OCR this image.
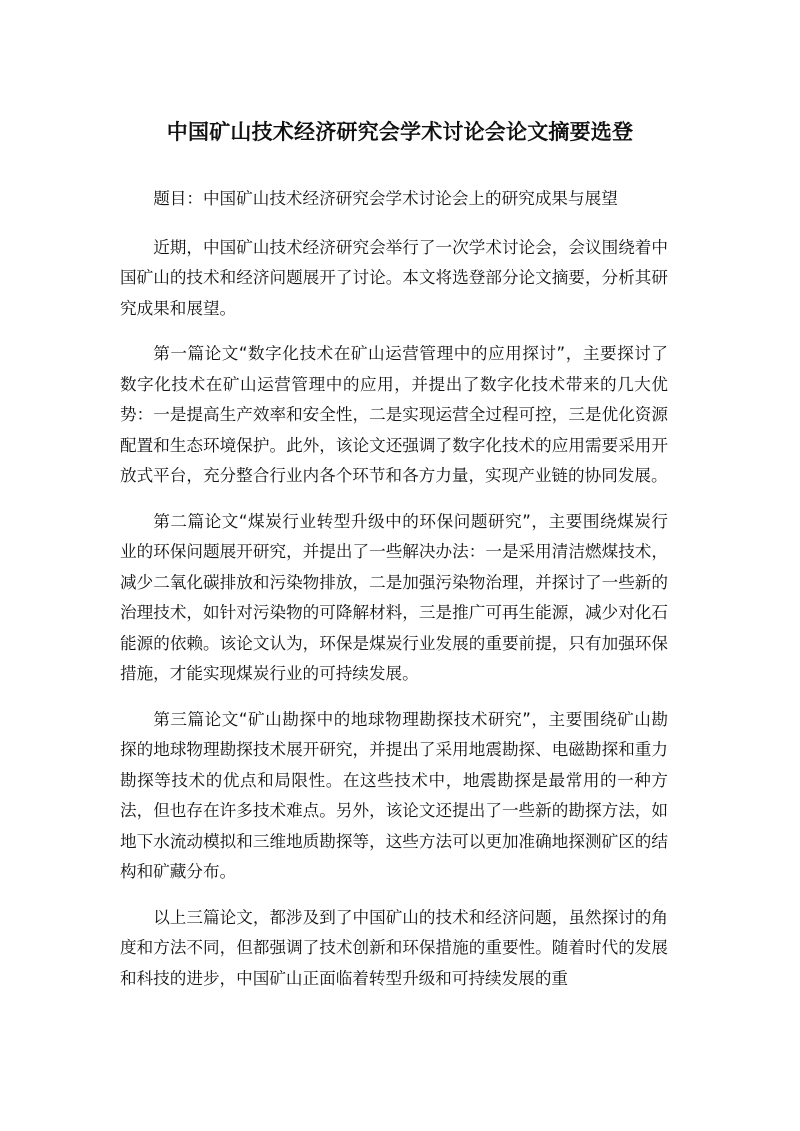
中国矿山技术经济研究会学术讨论会论文摘要选登

题目：中国矿山技术经济研究会学术讨论会上的研究成果与展望

近期，中国矿山技术经济研究会举行了一次学术讨论会，会议围绕着中国矿山的技术和经济问题展开了讨论。本文将选登部分论文摘要，分析其研究成果和展望。

第一篇论文“数字化技术在矿山运营管理中的应用探讨”，主要探讨了数字化技术在矿山运营管理中的应用，并提出了数字化技术带来的几大优势：一是提高生产效率和安全性，二是实现运营全过程可控，三是优化资源配置和生态环境保护。此外，该论文还强调了数字化技术的应用需要采用开放式平台，充分整合行业内各个环节和各方力量，实现产业链的协同发展。

第二篇论文“煤炭行业转型升级中的环保问题研究”，主要围绕煤炭行业的环保问题展开研究，并提出了一些解决办法：一是采用清洁燃煤技术，减少二氧化碳排放和污染物排放，二是加强污染物治理，并探讨了一些新的治理技术，如针对污染物的可降解材料，三是推广可再生能源，减少对化石能源的依赖。该论文认为，环保是煤炭行业发展的重要前提，只有加强环保措施，才能实现煤炭行业的可持续发展。

第三篇论文“矿山勘探中的地球物理勘探技术研究”，主要围绕矿山勘探的地球物理勘探技术展开研究，并提出了采用地震勘探、电磁勘探和重力勘探等技术的优点和局限性。在这些技术中，地震勘探是最常用的一种方法，但也存在许多技术难点。另外，该论文还提出了一些新的勘探方法，如地下水流动模拟和三维地质勘探等，这些方法可以更加准确地探测矿区的结构和矿藏分布。

以上三篇论文，都涉及到了中国矿山的技术和经济问题，虽然探讨的角度和方法不同，但都强调了技术创新和环保措施的重要性。随着时代的发展和科技的进步，中国矿山正面临着转型升级和可持续发展的重
